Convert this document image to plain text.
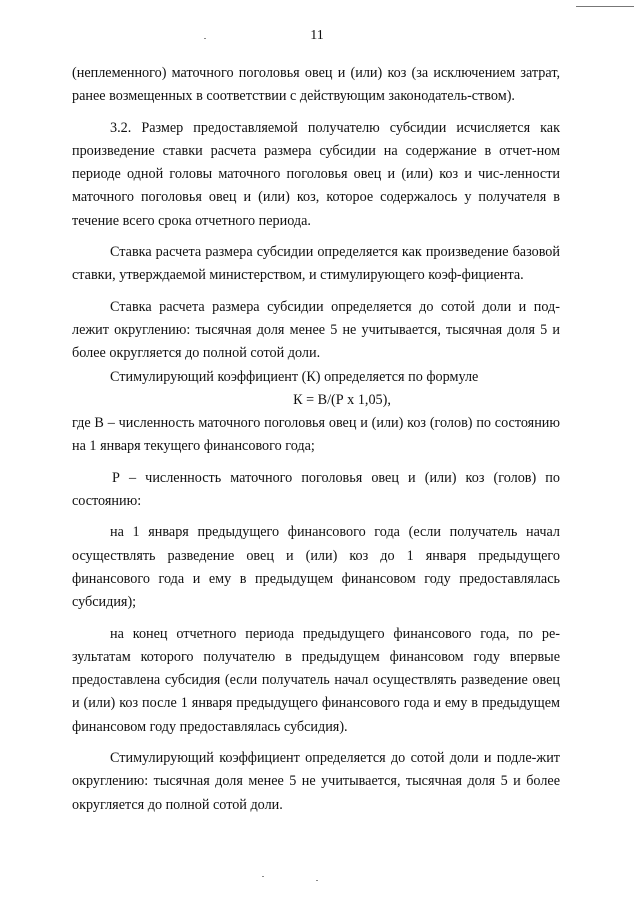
11

(неплеменного) маточного поголовья овец и (или) коз (за исключением затрат, ранее возмещенных в соответствии с действующим законодатель-ством).

3.2. Размер предоставляемой получателю субсидии исчисляется как произведение ставки расчета размера субсидии на содержание в отчет-ном периоде одной головы маточного поголовья овец и (или) коз и чис-ленности маточного поголовья овец и (или) коз, которое содержалось у получателя в течение всего срока отчетного периода.

Ставка расчета размера субсидии определяется как произведение базовой ставки, утверждаемой министерством, и стимулирующего коэф-фициента.

Ставка расчета размера субсидии определяется до сотой доли и под-лежит округлению: тысячная доля менее 5 не учитывается, тысячная доля 5 и более округляется до полной сотой доли.

Стимулирующий коэффициент (К) определяется по формуле

К = В/(Р x 1,05),

где В – численность маточного поголовья овец и (или) коз (голов) по состоянию на 1 января текущего финансового года;

Р – численность маточного поголовья овец и (или) коз (голов) по состоянию:

на 1 января предыдущего финансового года (если получатель начал осуществлять разведение овец и (или) коз до 1 января предыдущего финансового года и ему в предыдущем финансовом году предоставлялась субсидия);

на конец отчетного периода предыдущего финансового года, по ре-зультатам которого получателю в предыдущем финансовом году впервые предоставлена субсидия (если получатель начал осуществлять разведение овец и (или) коз после 1 января предыдущего финансового года и ему в предыдущем финансовом году предоставлялась субсидия).

Стимулирующий коэффициент определяется до сотой доли и подле-жит округлению: тысячная доля менее 5 не учитывается, тысячная доля 5 и более округляется до полной сотой доли.
